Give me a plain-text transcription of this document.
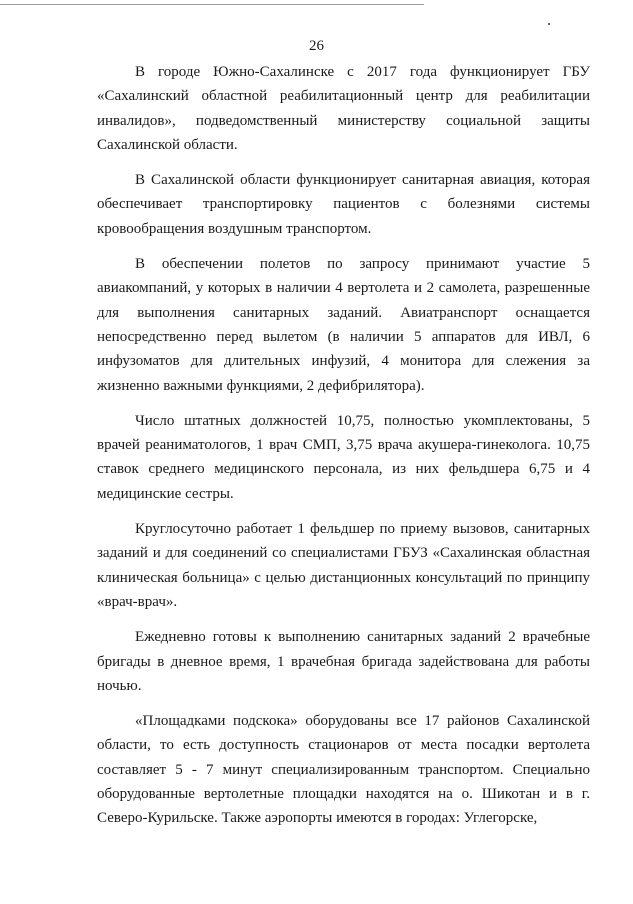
26

В городе Южно-Сахалинске с 2017 года функционирует ГБУ «Сахалинский областной реабилитационный центр для реабилитации инвалидов», подведомственный министерству социальной защиты Сахалинской области.

В Сахалинской области функционирует санитарная авиация, которая обеспечивает транспортировку пациентов с болезнями системы кровообращения воздушным транспортом.

В обеспечении полетов по запросу принимают участие 5 авиакомпаний, у которых в наличии 4 вертолета и 2 самолета, разрешенные для выполнения санитарных заданий. Авиатранспорт оснащается непосредственно перед вылетом (в наличии 5 аппаратов для ИВЛ, 6 инфузоматов для длительных инфузий, 4 монитора для слежения за жизненно важными функциями, 2 дефибрилятора).

Число штатных должностей 10,75, полностью укомплектованы, 5 врачей реаниматологов, 1 врач СМП, 3,75 врача акушера-гинеколога. 10,75 ставок среднего медицинского персонала, из них фельдшера 6,75 и 4 медицинские сестры.

Круглосуточно работает 1 фельдшер по приему вызовов, санитарных заданий и для соединений со специалистами ГБУЗ «Сахалинская областная клиническая больница» с целью дистанционных консультаций по принципу «врач-врач».

Ежедневно готовы к выполнению санитарных заданий 2 врачебные бригады в дневное время, 1 врачебная бригада задействована для работы ночью.

«Площадками подскока» оборудованы все 17 районов Сахалинской области, то есть доступность стационаров от места посадки вертолета составляет 5 - 7 минут специализированным транспортом. Специально оборудованные вертолетные площадки находятся на о. Шикотан и в г. Северо-Курильске. Также аэропорты имеются в городах: Углегорске,
